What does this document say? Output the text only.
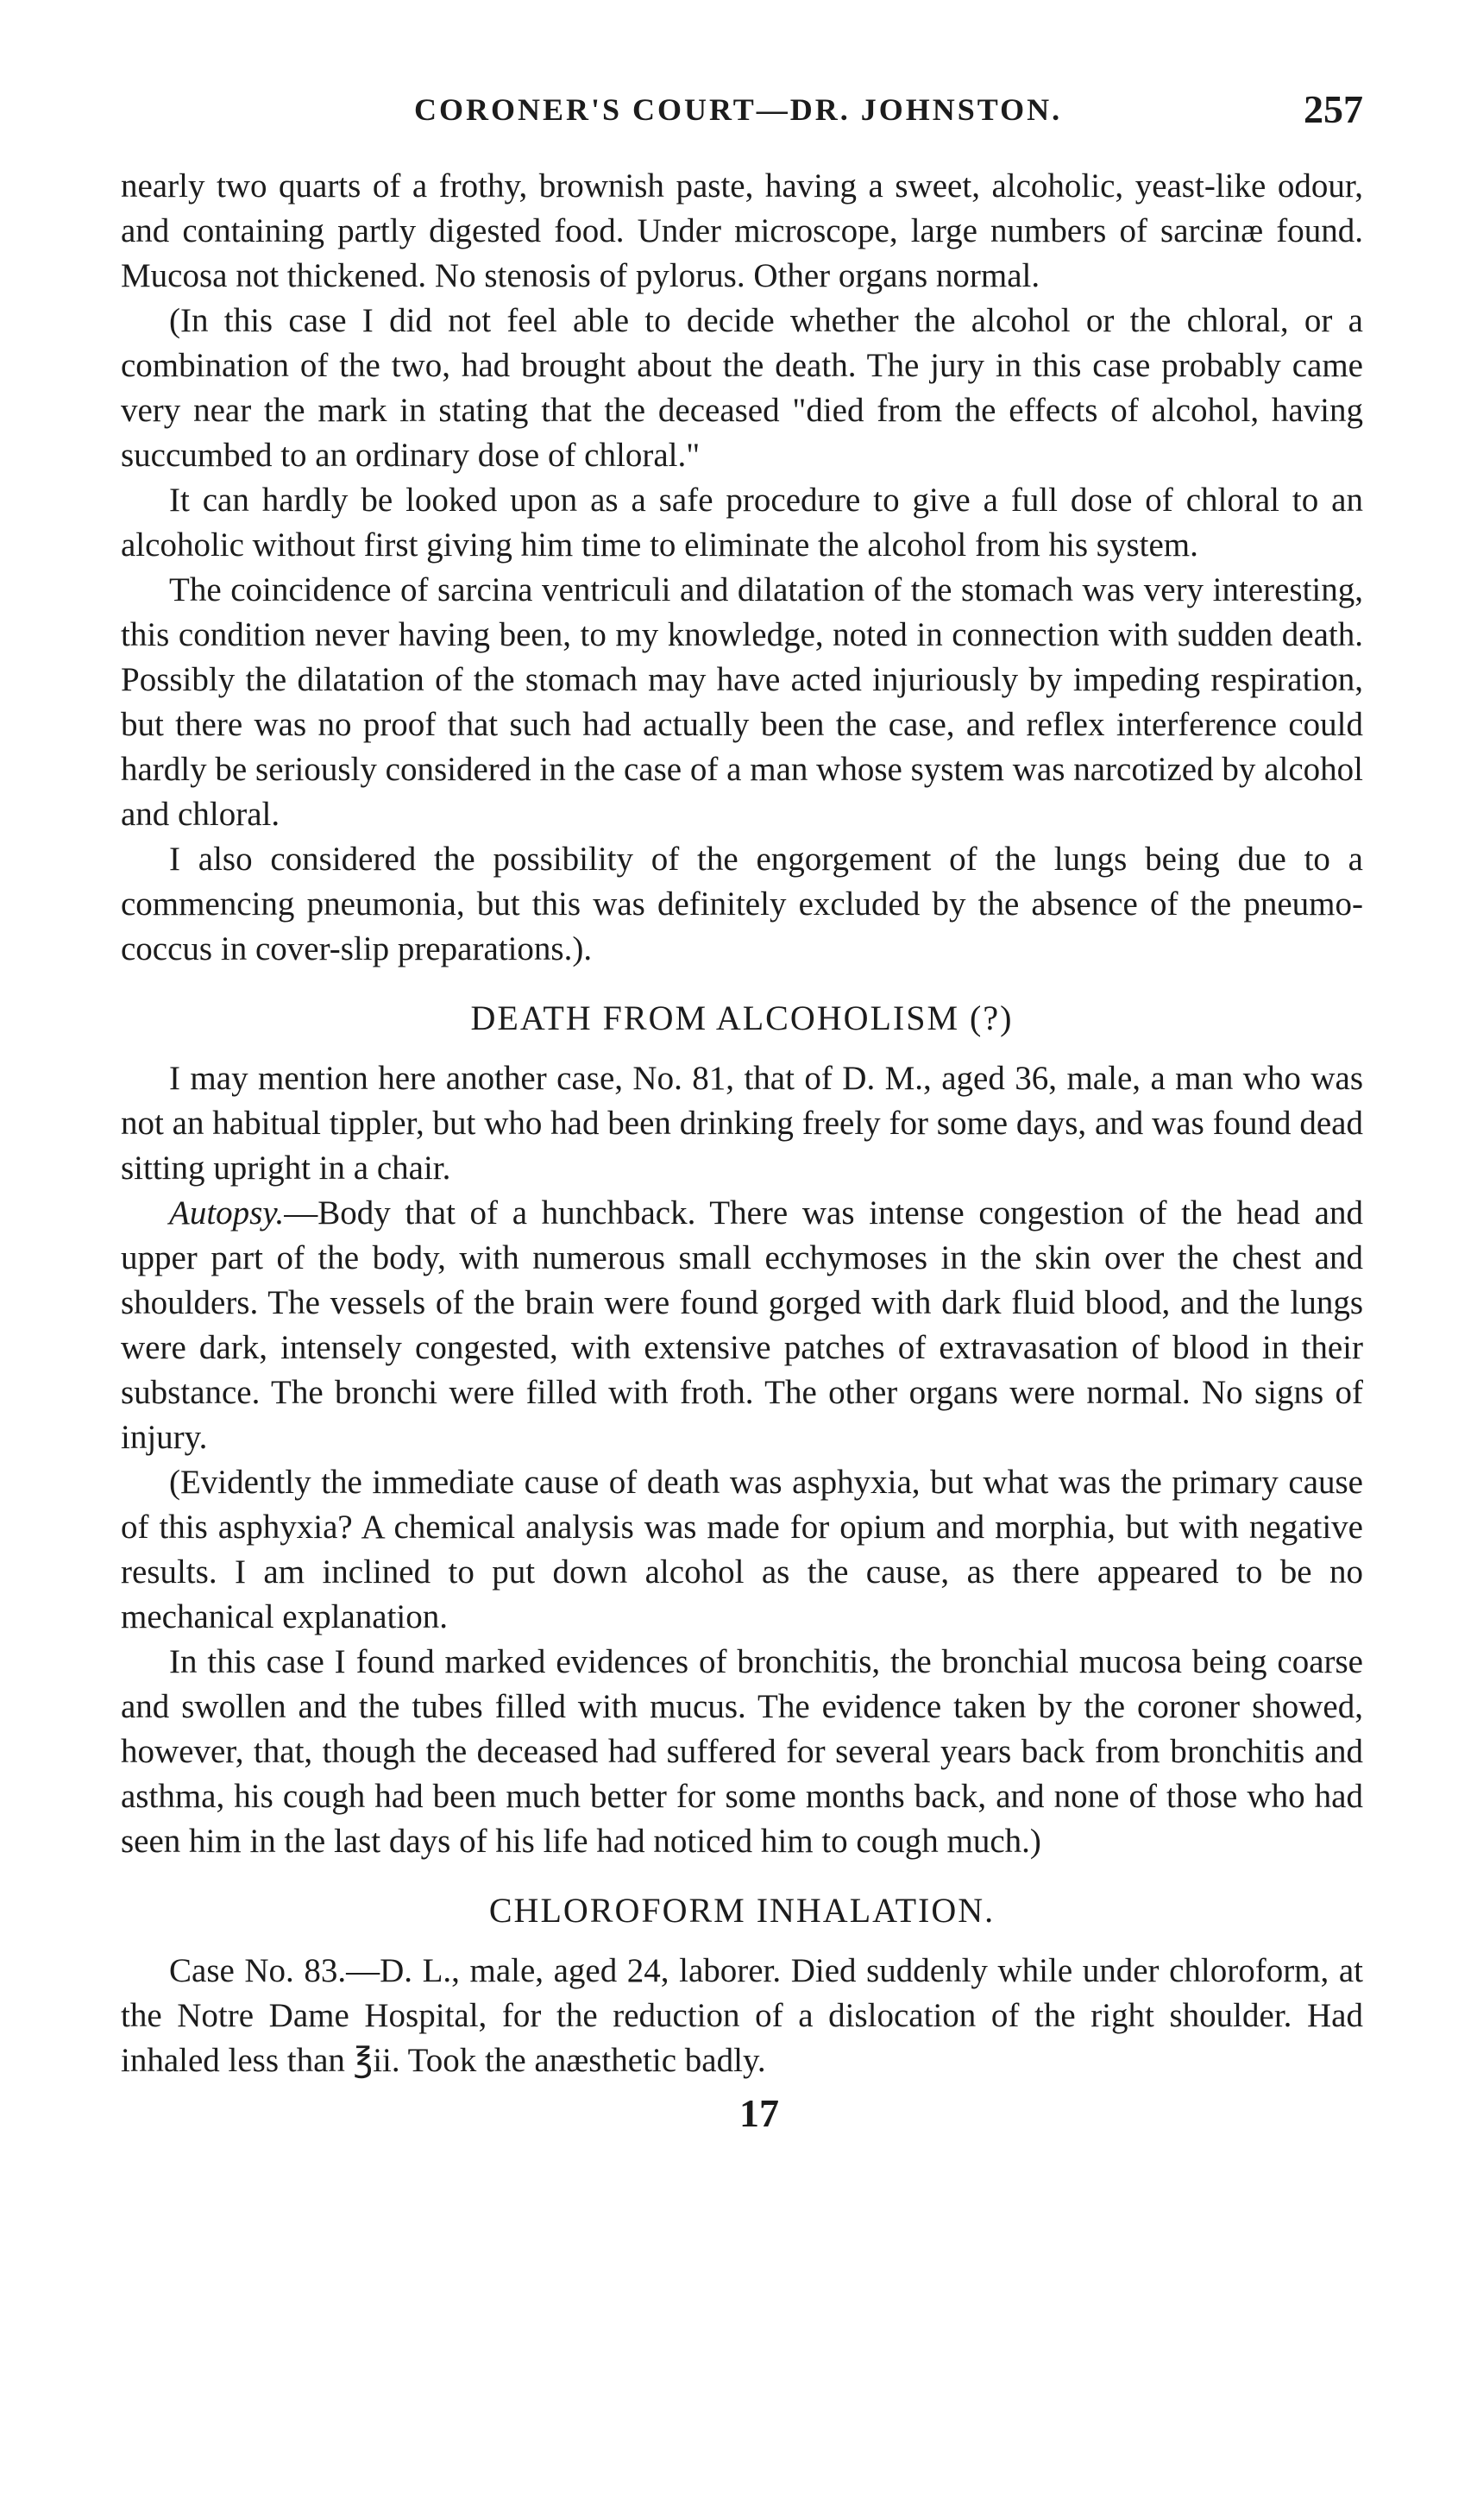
CORONER'S COURT—DR. JOHNSTON.	257

nearly two quarts of a frothy, brownish paste, having a sweet, alcoholic, yeast-like odour, and containing partly digested food. Under microscope, large numbers of sarcinæ found. Mucosa not thickened. No stenosis of pylorus. Other organs normal.

(In this case I did not feel able to decide whether the alcohol or the chloral, or a combination of the two, had brought about the death. The jury in this case probably came very near the mark in stating that the deceased "died from the effects of alcohol, having succumbed to an ordinary dose of chloral."

It can hardly be looked upon as a safe procedure to give a full dose of chloral to an alcoholic without first giving him time to eliminate the alcohol from his system.

The coincidence of sarcina ventriculi and dilatation of the stomach was very interesting, this condition never having been, to my knowledge, noted in connection with sudden death. Possibly the dilatation of the stomach may have acted injuriously by impeding respiration, but there was no proof that such had actually been the case, and reflex interference could hardly be seriously considered in the case of a man whose system was narcotized by alcohol and chloral.

I also considered the possibility of the engorgement of the lungs being due to a commencing pneumonia, but this was definitely excluded by the absence of the pneumo-coccus in cover-slip preparations.).

DEATH FROM ALCOHOLISM (?)

I may mention here another case, No. 81, that of D. M., aged 36, male, a man who was not an habitual tippler, but who had been drinking freely for some days, and was found dead sitting upright in a chair.

Autopsy.—Body that of a hunchback. There was intense congestion of the head and upper part of the body, with numerous small ecchymoses in the skin over the chest and shoulders. The vessels of the brain were found gorged with dark fluid blood, and the lungs were dark, intensely congested, with extensive patches of extravasation of blood in their substance. The bronchi were filled with froth. The other organs were normal. No signs of injury.

(Evidently the immediate cause of death was asphyxia, but what was the primary cause of this asphyxia? A chemical analysis was made for opium and morphia, but with negative results. I am inclined to put down alcohol as the cause, as there appeared to be no mechanical explanation.

In this case I found marked evidences of bronchitis, the bronchial mucosa being coarse and swollen and the tubes filled with mucus. The evidence taken by the coroner showed, however, that, though the deceased had suffered for several years back from bronchitis and asthma, his cough had been much better for some months back, and none of those who had seen him in the last days of his life had noticed him to cough much.)

CHLOROFORM INHALATION.

Case No. 83.—D. L., male, aged 24, laborer. Died suddenly while under chloroform, at the Notre Dame Hospital, for the reduction of a dislocation of the right shoulder. Had inhaled less than ℥ii. Took the anæsthetic badly.

17
